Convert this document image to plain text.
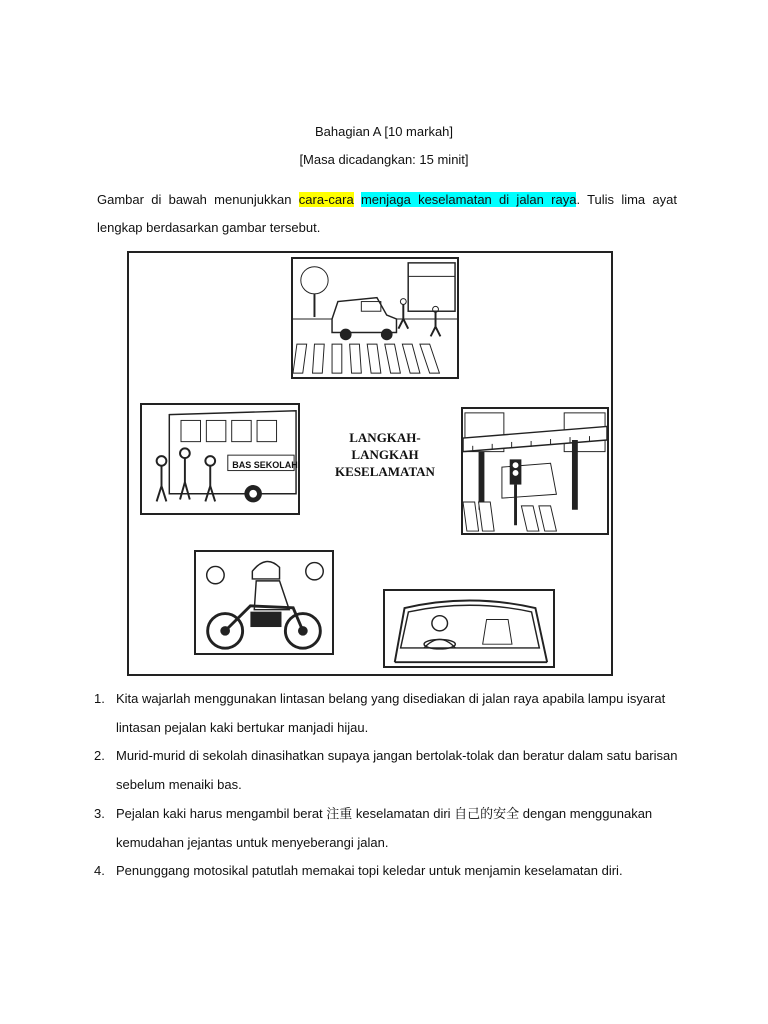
Bahagian A [10 markah]
[Masa dicadangkan: 15 minit]
Gambar di bawah menunjukkan cara-cara menjaga keselamatan di jalan raya. Tulis lima ayat lengkap berdasarkan gambar tersebut.
BAS SEKOLAH
LANGKAH-
LANGKAH
KESELAMATAN
1. Kita wajarlah menggunakan lintasan belang yang disediakan di jalan raya apabila lampu isyarat lintasan pejalan kaki bertukar manjadi hijau.
2. Murid-murid di sekolah dinasihatkan supaya jangan bertolak-tolak dan beratur dalam satu barisan sebelum menaiki bas.
3. Pejalan kaki harus mengambil berat 注重 keselamatan diri 自己的安全 dengan menggunakan kemudahan jejantas untuk menyeberangi jalan.
4. Penunggang motosikal patutlah memakai topi keledar untuk menjamin keselamatan diri.
